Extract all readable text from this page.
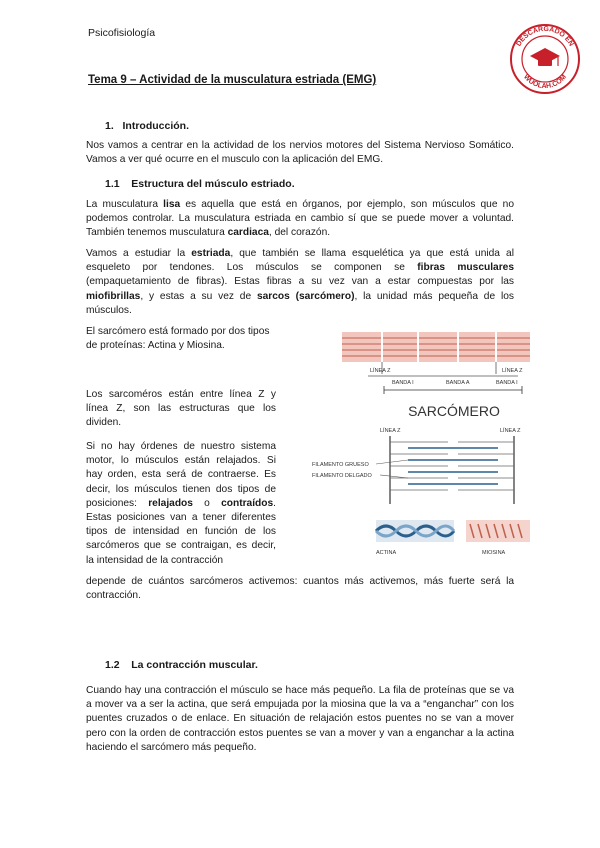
Psicofisiología
DESCARGADO EN
WUOLAH.COM
Tema 9 – Actividad de la musculatura estriada (EMG)
1.   Introducción.
Nos vamos a centrar en la actividad de los nervios motores del Sistema Nervioso Somático. Vamos a ver qué ocurre en el musculo con la aplicación del EMG.
1.1    Estructura del músculo estriado.
La musculatura lisa es aquella que está en órganos, por ejemplo, son músculos que no podemos controlar. La musculatura estriada en cambio sí que se puede mover a voluntad. También tenemos musculatura cardiaca, del corazón.
Vamos a estudiar la estriada, que también se llama esquelética ya que está unida al esqueleto por tendones. Los músculos se componen se fibras musculares (empaquetamiento de fibras). Estas fibras a su vez van a estar compuestas por las miofibrillas, y estas a su vez de sarcos (sarcómero), la unidad más pequeña de los músculos.
El sarcómero está formado por dos tipos de proteínas: Actina y Miosina.
Los sarcoméros están entre línea Z y línea Z, son las estructuras que los dividen.
Si no hay órdenes de nuestro sistema motor, lo músculos están relajados. Si hay orden, esta será de contraerse. Es decir, los músculos tienen dos tipos de posiciones: relajados o contraídos. Estas posiciones van a tener diferentes tipos de intensidad en función de los sarcómeros que se contraigan, es decir, la intensidad de la contracción
depende de cuántos sarcómeros activemos: cuantos más activemos, más fuerte será la contracción.
LÍNEA Z	LÍNEA Z
BANDA I	BANDA A	BANDA I
SARCÓMERO
LÍNEA Z	LÍNEA Z
FILAMENTO GRUESO
FILAMENTO DELGADO
ACTINA	MIOSINA
1.2    La contracción muscular.
Cuando hay una contracción el músculo se hace más pequeño. La fila de proteínas que se va a mover va a ser la actina, que será empujada por la miosina que la va a “enganchar” con los puentes cruzados o de enlace. En situación de relajación estos puentes no se van a mover pero con la orden de contracción estos puentes se van a mover y van a enganchar a la actina haciendo el sarcómero más pequeño.
